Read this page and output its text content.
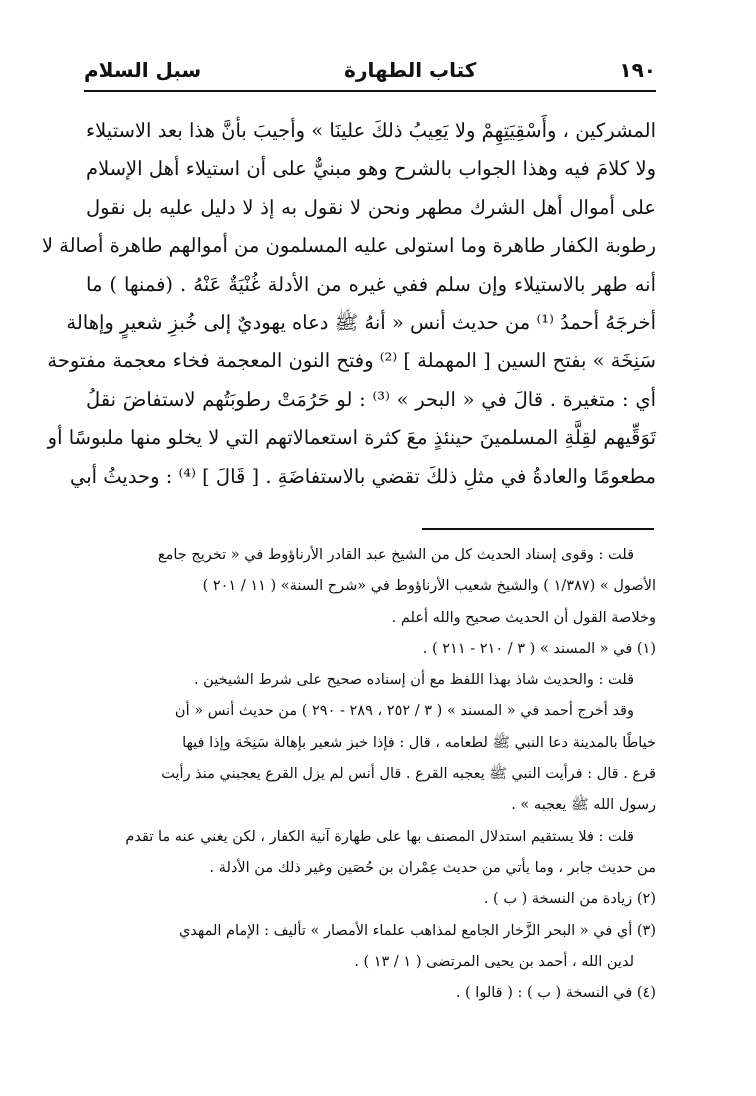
١٩٠
كتاب الطهارة
سبل السلام
المشركين ، وأَسْقِيَتِهِمْ ولا يَعِيبُ ذلكَ علينَا » وأجيبَ بأنَّ هذا بعد الاستيلاء
ولا كلامَ فيه وهذا الجواب بالشرح وهو مبنيٌّ على أن استيلاء أهل الإسلام
على أموال أهل الشرك مطهر ونحن لا نقول به إذ لا دليل عليه بل نقول
رطوبة الكفار طاهرة وما استولى عليه المسلمون من أموالهم طاهرة أصالة لا
أنه طهر بالاستيلاء وإن سلم ففي غيره من الأدلة غُنْيَةٌ عَنْهُ . (فمنها ) ما
أخرجَهُ أحمدُ ⁽¹⁾ من حديث أنس « أنهُ ﷺ دعاه يهوديٌ إلى خُبزِ شعيرٍ وإهالة
سَنِخَة » بفتح السين [ المهملة ] ⁽²⁾ وفتح النون المعجمة فخاء معجمة مفتوحة
أي : متغيرة . قالَ في « البحر » ⁽³⁾ : لو حَرُمَتْ رطوبَتُهم لاستفاضَ نقلُ
تَوَقِّيهم لقِلَّةِ المسلمينَ حينئذٍ معَ كثرة استعمالاتهم التي لا يخلو منها ملبوسًا أو
مطعومًا والعادةُ في مثلِ ذلكَ تقضي بالاستفاضَةِ . [ قَالَ ] ⁽⁴⁾ : وحديثُ أبي
قلت : وقوى إسناد الحديث كل من الشيخ عبد القادر الأرناؤوط في « تخريج جامع
الأصول » (١/٣٨٧ ) والشيخ شعيب الأرناؤوط في «شرح السنة» ( ١١ / ٢٠١ )
وخلاصة القول أن الحديث صحيح والله أعلم .
(١) في « المسند » ( ٣ / ٢١٠ - ٢١١ ) .
قلت : والحديث شاذ بهذا اللفظ مع أن إسناده صحيح على شرط الشيخين .
وقد أخرج أحمد في « المسند » ( ٣ / ٢٥٢ ، ٢٨٩ - ٢٩٠ ) من حديث أنس « أن
خياطًا بالمدينة دعا النبي ﷺ لطعامه ، قال : فإذا خبز شعير بإهالة سَنِخَة وإذا فيها
قرع . قال : فرأيت النبي ﷺ يعجبه القرع . قال أنس لم يزل القرع يعجبني منذ رأيت
رسول الله ﷺ يعجبه » .
قلت : فلا يستقيم استدلال المصنف بها على طهارة آنية الكفار ، لكن يغني عنه ما تقدم
من حديث جابر ، وما يأتي من حديث عِمْران بن حُصَين وغير ذلك من الأدلة .
(٢) زيادة من النسخة ( ب ) .
(٣) أي في « البحر الزَّخار الجامع لمذاهب علماء الأمصار » تأليف : الإمام المهدي
لدين الله ، أحمد بن يحيى المرتضى ( ١ / ١٣ ) .
(٤) في النسخة ( ب ) : ( قالوا ) .
